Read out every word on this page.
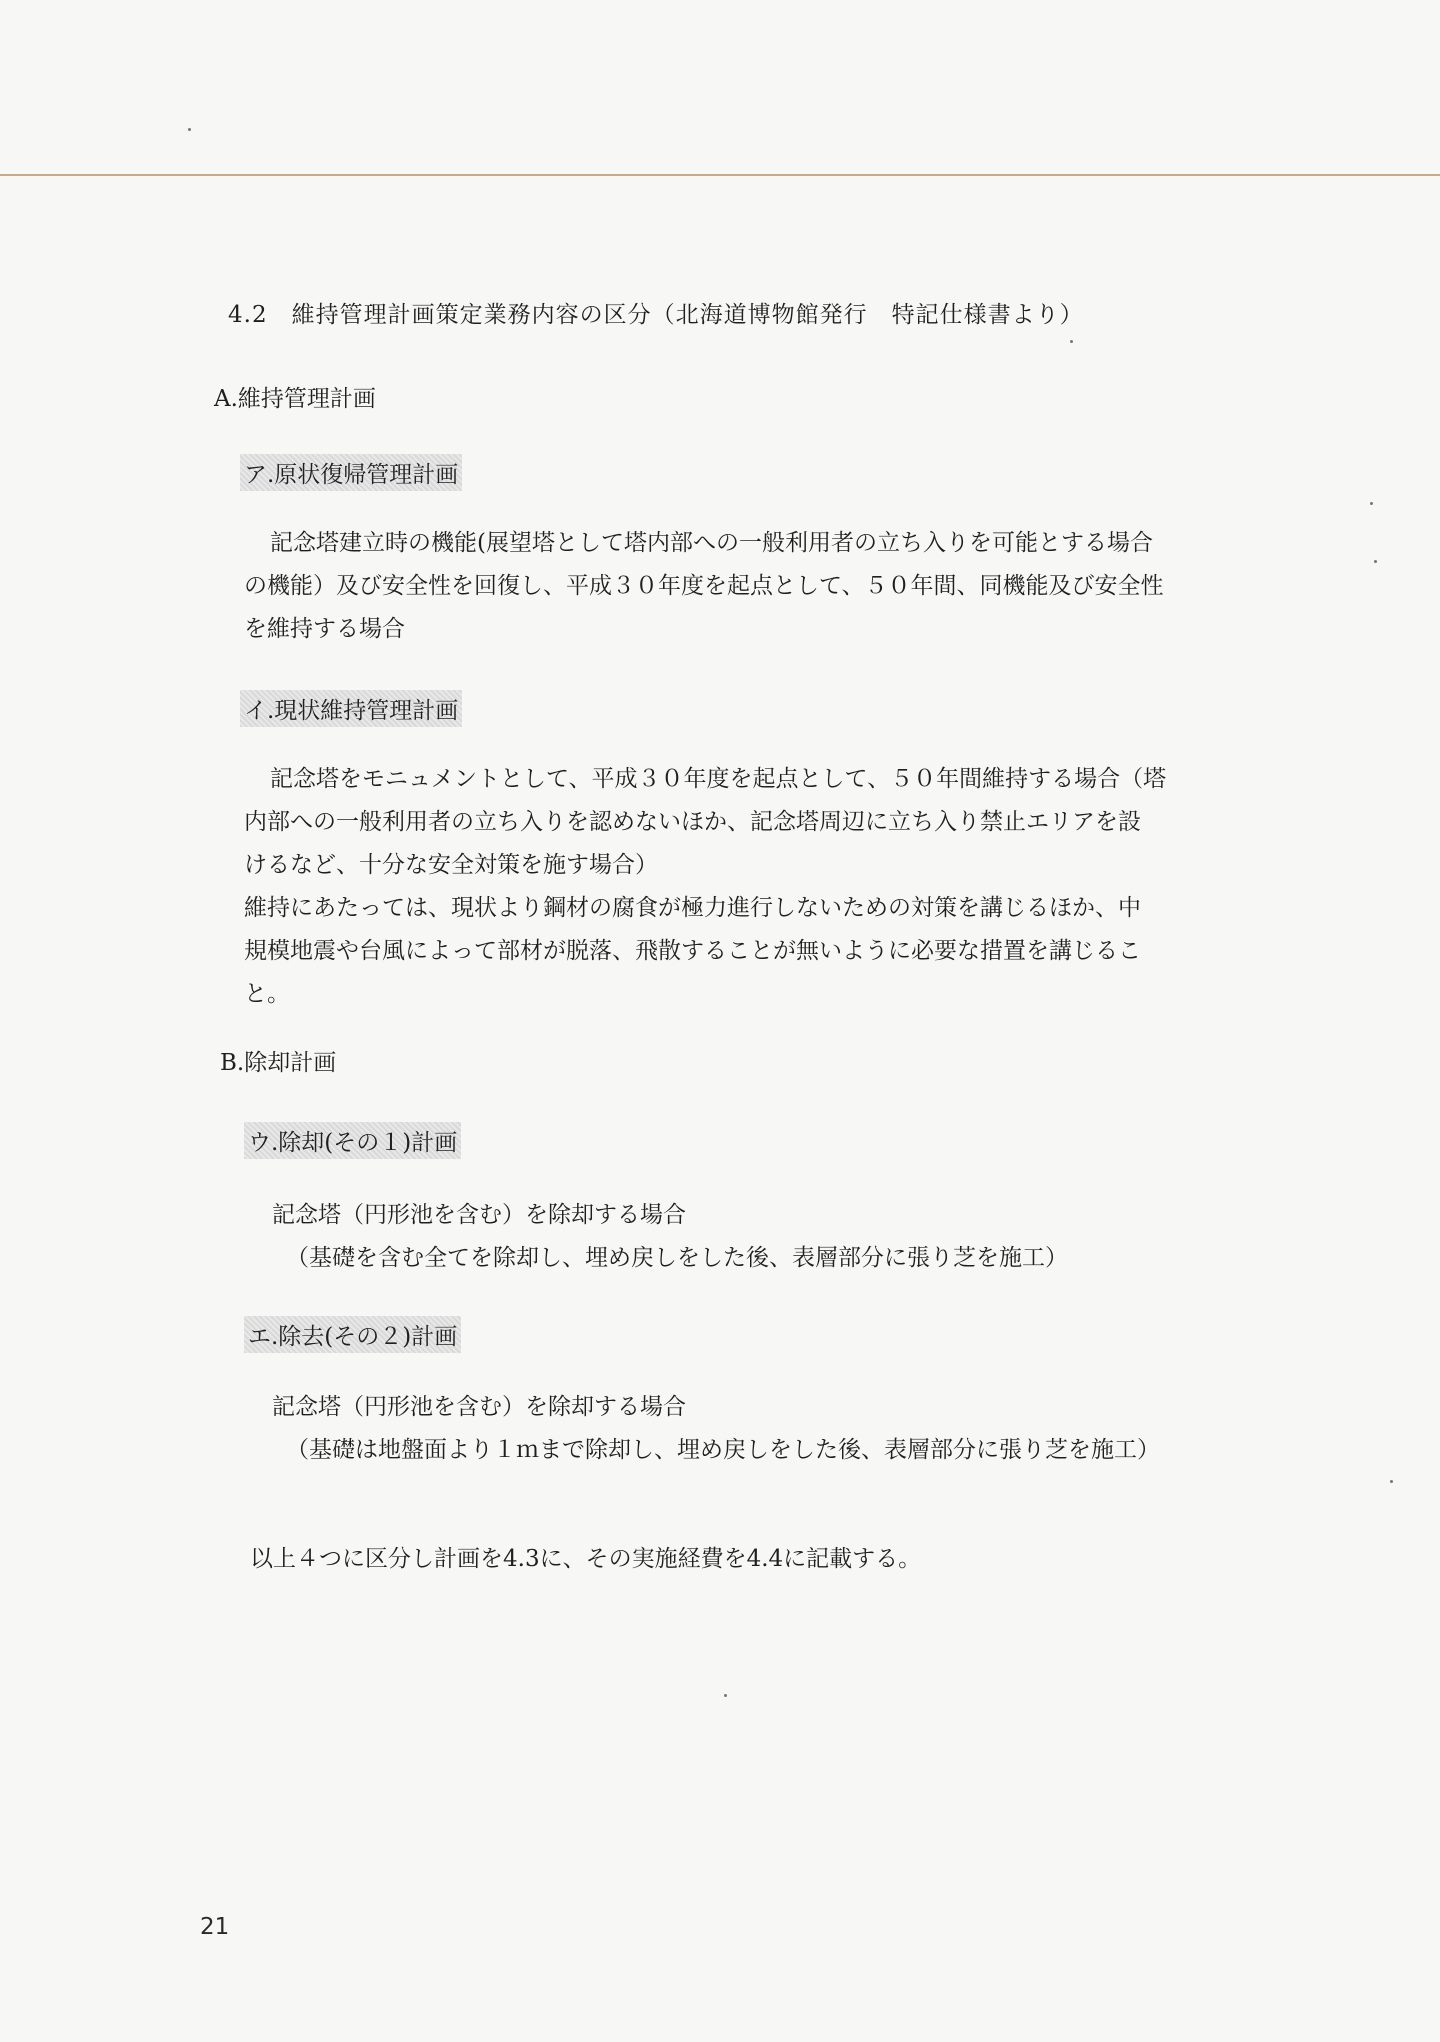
4.2　維持管理計画策定業務内容の区分（北海道博物館発行　特記仕様書より）
A.維持管理計画
ア.原状復帰管理計画
記念塔建立時の機能(展望塔として塔内部への一般利用者の立ち入りを可能とする場合
の機能）及び安全性を回復し、平成３０年度を起点として、５０年間、同機能及び安全性
を維持する場合
イ.現状維持管理計画
記念塔をモニュメントとして、平成３０年度を起点として、５０年間維持する場合（塔
内部への一般利用者の立ち入りを認めないほか、記念塔周辺に立ち入り禁止エリアを設
けるなど、十分な安全対策を施す場合）
維持にあたっては、現状より鋼材の腐食が極力進行しないための対策を講じるほか、中
規模地震や台風によって部材が脱落、飛散することが無いように必要な措置を講じるこ
と。
B.除却計画
ウ.除却(その１)計画
記念塔（円形池を含む）を除却する場合
（基礎を含む全てを除却し、埋め戻しをした後、表層部分に張り芝を施工）
エ.除去(その２)計画
記念塔（円形池を含む）を除却する場合
（基礎は地盤面より１ｍまで除却し、埋め戻しをした後、表層部分に張り芝を施工）
以上４つに区分し計画を4.3に、その実施経費を4.4に記載する。
21
